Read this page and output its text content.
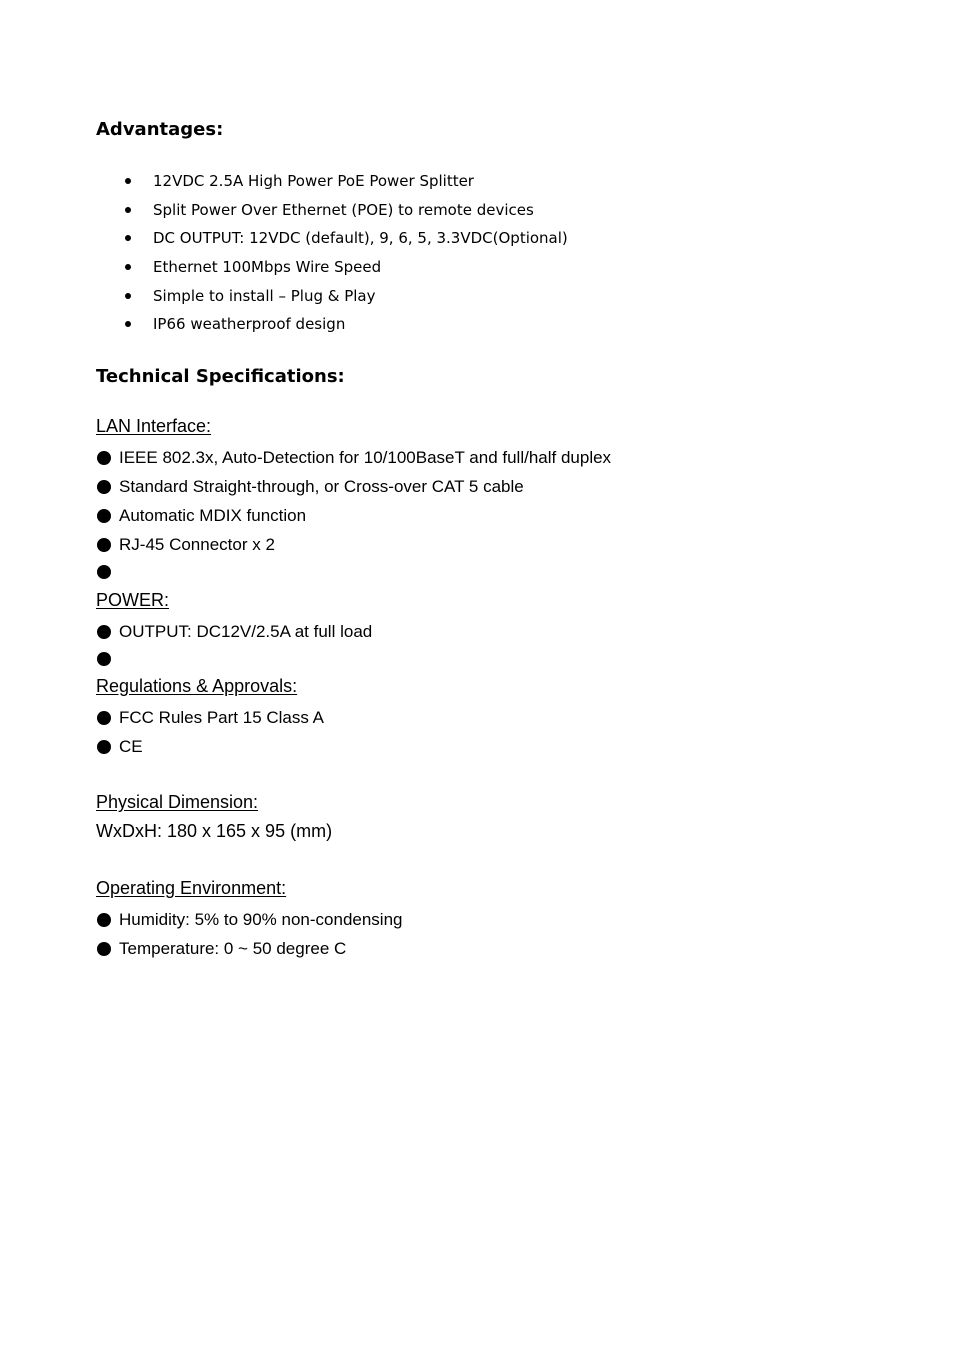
Advantages:
12VDC 2.5A High Power PoE Power Splitter
Split Power Over Ethernet (POE) to remote devices
DC OUTPUT: 12VDC (default), 9, 6, 5, 3.3VDC(Optional)
Ethernet 100Mbps Wire Speed
Simple to install – Plug & Play
IP66 weatherproof design
Technical Specifications:
LAN Interface:
IEEE 802.3x, Auto-Detection for 10/100BaseT and full/half duplex
Standard Straight-through, or Cross-over CAT 5 cable
Automatic MDIX function
RJ-45 Connector x 2
POWER:
OUTPUT: DC12V/2.5A at full load
Regulations & Approvals:
FCC Rules Part 15 Class A
CE
Physical Dimension:
WxDxH: 180 x 165 x 95 (mm)
Operating Environment:
Humidity: 5% to 90% non-condensing
Temperature: 0 ~ 50 degree C
